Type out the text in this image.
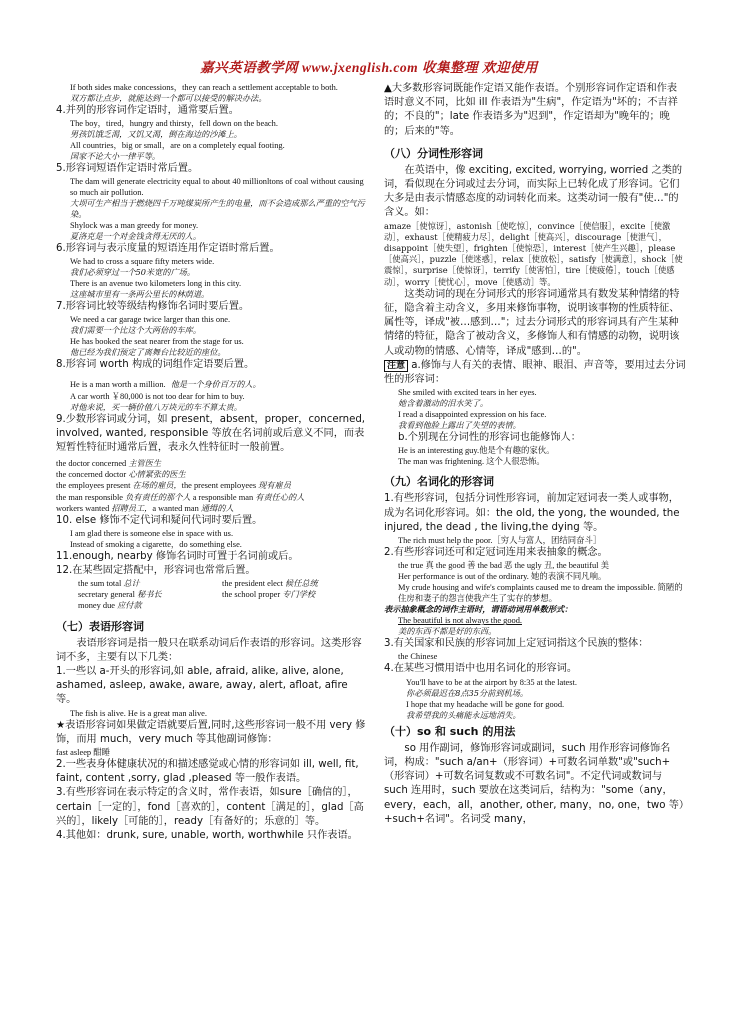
嘉兴英语教学网 www.jxenglish.com 收集整理 欢迎使用

If both sides make concessions，they can reach a settlement acceptable to both.

双方都让点步，就能达到一个都可以接受的解决办法。

4.并列的形容词作定语时，通常要后置。

The boy，tired，hungry and thirsty，fell down on the beach.

男孩饥饿乏渴，又饥又渴，倒在海边的沙滩上。

All countries，big or small，are on a completely equal footing.

国家不论大小一律平等。

5.形容词短语作定语时常后置。

The dam will generate electricity equal to about 40 millionltons of coal without causing so much air pollution.

大坝可生产相当于燃烧四千万吨煤炭所产生的电量，而不会造成那么严重的空气污染。

Shylock was a man greedy for money.

夏洛克是一个对金钱贪得无厌的人。

6.形容词与表示度量的短语连用作定语时常后置。

We had to cross a square fifty meters wide.

我们必须穿过一个50米宽的广场。

There is an avenue two kilometers long in this city.

这座城市里有一条两公里长的林荫道。

7.形容词比较等级结构修饰名词时要后置。

We need a car garage twice larger than this one.

我们需要一个比这个大两倍的车库。

He has booked the seat nearer from the stage for us.

他已经为我们预定了离舞台比较近的座位。

8.形容词 worth 构成的词组作定语要后置。

He is a man worth a million. 他是一个身价百万的人。

A car worth ￥80,000 is not too dear for him to buy.

对他来说，买一辆价值八万块元的车不算太贵。

9.少数形容词或分词，如 present，absent，proper，concerned, involved, wanted, responsible 等放在名词前或后意义不同，而表短暂性特征时通常后置，表永久性特征时一般前置。

the doctor concerned 主管医生

the concerned doctor 心情紧张的医生

the employees present 在场的雇员，the present employees 现有雇员

the man responsible 负有责任的那个人 a responsible man 有责任心的人

workers wanted 招聘员工，a wanted man 通缉的人

10. else 修饰不定代词和疑问代词时要后置。

I am glad there is someone else in space with us.

Instead of smoking a cigarette，do something else.

11.enough, nearby 修饰名词时可置于名词前或后。

12.在某些固定搭配中，形容词也常常后置。

the sum total 总计	the president elect 候任总统
secretary general 秘书长	the school proper 专门学校
money due 应付款
（七）表语形容词

表语形容词是指一般只在联系动词后作表语的形容词。这类形容词不多，主要有以下几类：

1.一些以 a-开头的形容词,如 able, afraid, alike, alive, alone, ashamed, asleep, awake, aware, away, alert, afloat, afire 等。

The fish is alive. He is a great man alive.

★表语形容词如果做定语就要后置,同时,这些形容词一般不用 very 修饰，而用 much，very much 等其他副词修饰：

fast asleep 酣睡

2.一些表身体健康状况的和描述感觉或心情的形容词如 ill, well, fit, faint, content ,sorry, glad ,pleased 等一般作表语。

3.有些形容词在表示特定的含义时，常作表语，如sure［确信的］，certain［一定的］，fond［喜欢的］，content［满足的］，glad［高兴的］，likely［可能的］，ready［有备好的；乐意的］等。

4.其他如：drunk, sure, unable, worth, worthwhile 只作表语。

▲大多数形容词既能作定语又能作表语。个别形容词作定语和作表语时意义不同，比如 ill 作表语为"生病"，作定语为"坏的；不吉祥的；不良的"；late 作表语多为"迟到"，作定语却为"晚年的；晚的；后来的"等。

（八）分词性形容词

在英语中，像 exciting, excited, worrying, worried 之类的词，看似现在分词或过去分词，而实际上已转化成了形容词。它们大多是由表示情感态度的动词转化而来。这类动词一般有"使…"的含义。如：

amaze［使惊讶］，astonish［使吃惊］，convince［使信服］，excite［使激动］，exhaust［使精疲力尽］，delight［使高兴］，discourage［使泄气］，disappoint［使失望］，frighten［使惊恐］，interest［使产生兴趣］，please［使高兴］，puzzle［使迷惑］，relax［使放松］，satisfy［使满意］，shock［使震惊］，surprise［使惊讶］，terrify［使害怕］，tire［使疲倦］，touch［使感动］，worry［使忧心］，move［使感动］等。

这类动词的现在分词形式的形容词通常具有数发某种情绪的特征，隐含着主动含义，多用来修饰事物，说明该事物的性质特征、属性等，译成"被…感到…"；过去分词形式的形容词具有产生某种情绪的特征，隐含了被动含义，多修饰人和有情感的动物，说明该人或动物的情感、心情等，译成"感到…的"。

注意 a.修饰与人有关的表情、眼神、眼泪、声音等，要用过去分词性的形容词：

She smiled with excited tears in her eyes.

她含着激动的泪水笑了。

I read a disappointed expression on his face.

我看到他脸上露出了失望的表情。

b.个别现在分词性的形容词也能修饰人：

He is an interesting guy.他是个有趣的家伙。

The man was frightening. 这个人很恐怖。

（九）名词化的形容词

1.有些形容词，包括分词性形容词，前加定冠词表一类人或事物，成为名词化形容词。如：the old, the yong, the wounded, the injured, the dead , the living,the dying 等。

The rich must help the poor.［穷人与富人，团结同奋斗］

2.有些形容词还可和定冠词连用来表抽象的概念。

the true 真 the good 善 the bad 恶 the ugly 丑, the beautiful 美

Her performance is out of the ordinary. 她的表演不同凡响。

My crude housing and wife's complaints caused me to dream the impossible. 简陋的住房和妻子的怨言使我产生了实存的梦想。

表示抽象概念的词作主语时，谓语动词用单数形式：

The beautiful is not always the good.

美的东西不都是好的东西。

3.有关国家和民族的形容词加上定冠词指这个民族的整体：

the Chinese

4.在某些习惯用语中也用名词化的形容词。

You'll have to be at the airport by 8:35 at the latest.

你必须最迟在8点35分前到机场。

I hope that my headache will be gone for good.

我希望我的头痛能永远地消失。

（十）so 和 such 的用法

so 用作副词，修饰形容词或副词，such 用作形容词修饰名词，构成："such a/an+（形容词）+可数名词单数"或"such+（形容词）+可数名词复数或不可数名词"。不定代词或数词与 such 连用时，such 要放在这类词后，结构为："some（any，every，each，all，another, other, many，no, one，two 等）+such+名词"。名词受 many，
